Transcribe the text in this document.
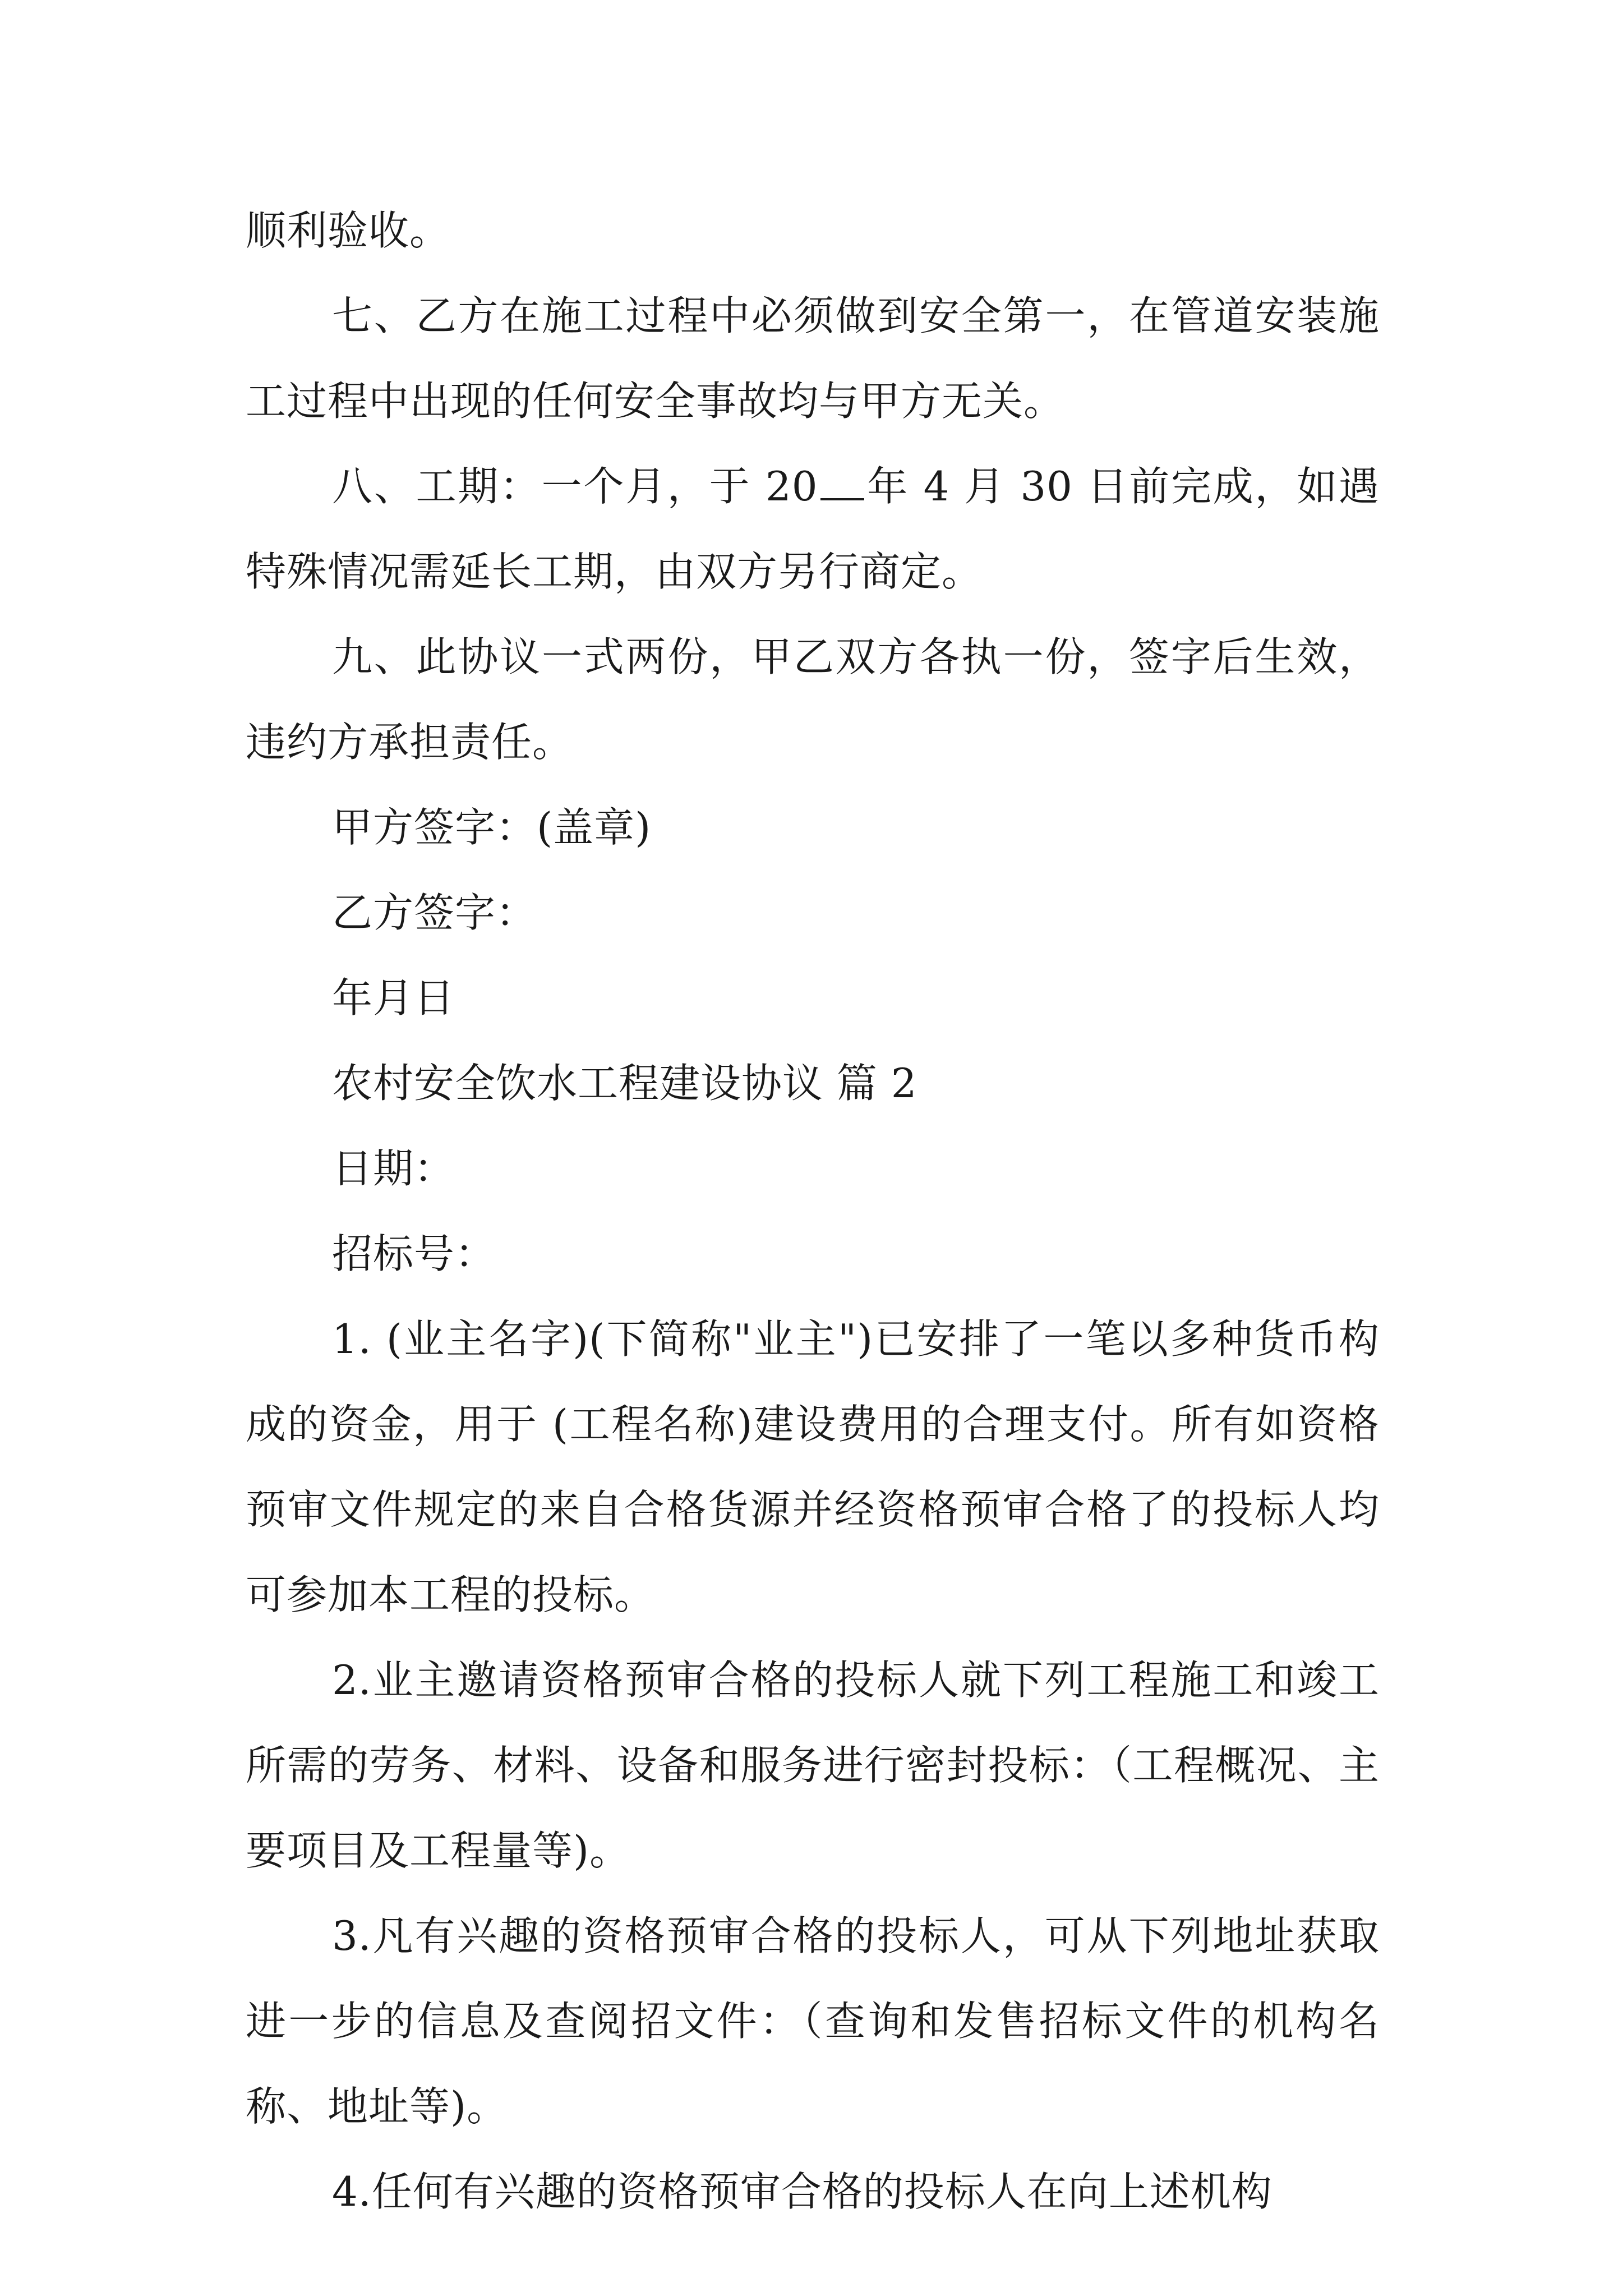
顺利验收。

七、乙方在施工过程中必须做到安全第一，在管道安装施工过程中出现的任何安全事故均与甲方无关。

八、工期：一个月，于 20 年 4 月 30 日前完成，如遇特殊情况需延长工期，由双方另行商定。

九、此协议一式两份，甲乙双方各执一份，签字后生效，违约方承担责任。

甲方签字：(盖章)

乙方签字：

年月日

农村安全饮水工程建设协议 篇 2

日期：

招标号：

1. (业主名字)(下简称"业主")已安排了一笔以多种货币构成的资金，用于 (工程名称)建设费用的合理支付。所有如资格预审文件规定的来自合格货源并经资格预审合格了的投标人均可参加本工程的投标。

2.业主邀请资格预审合格的投标人就下列工程施工和竣工所需的劳务、材料、设备和服务进行密封投标：（工程概况、主要项目及工程量等)。

3.凡有兴趣的资格预审合格的投标人，可从下列地址获取进一步的信息及查阅招文件：（查询和发售招标文件的机构名称、地址等)。

4.任何有兴趣的资格预审合格的投标人在向上述机构
